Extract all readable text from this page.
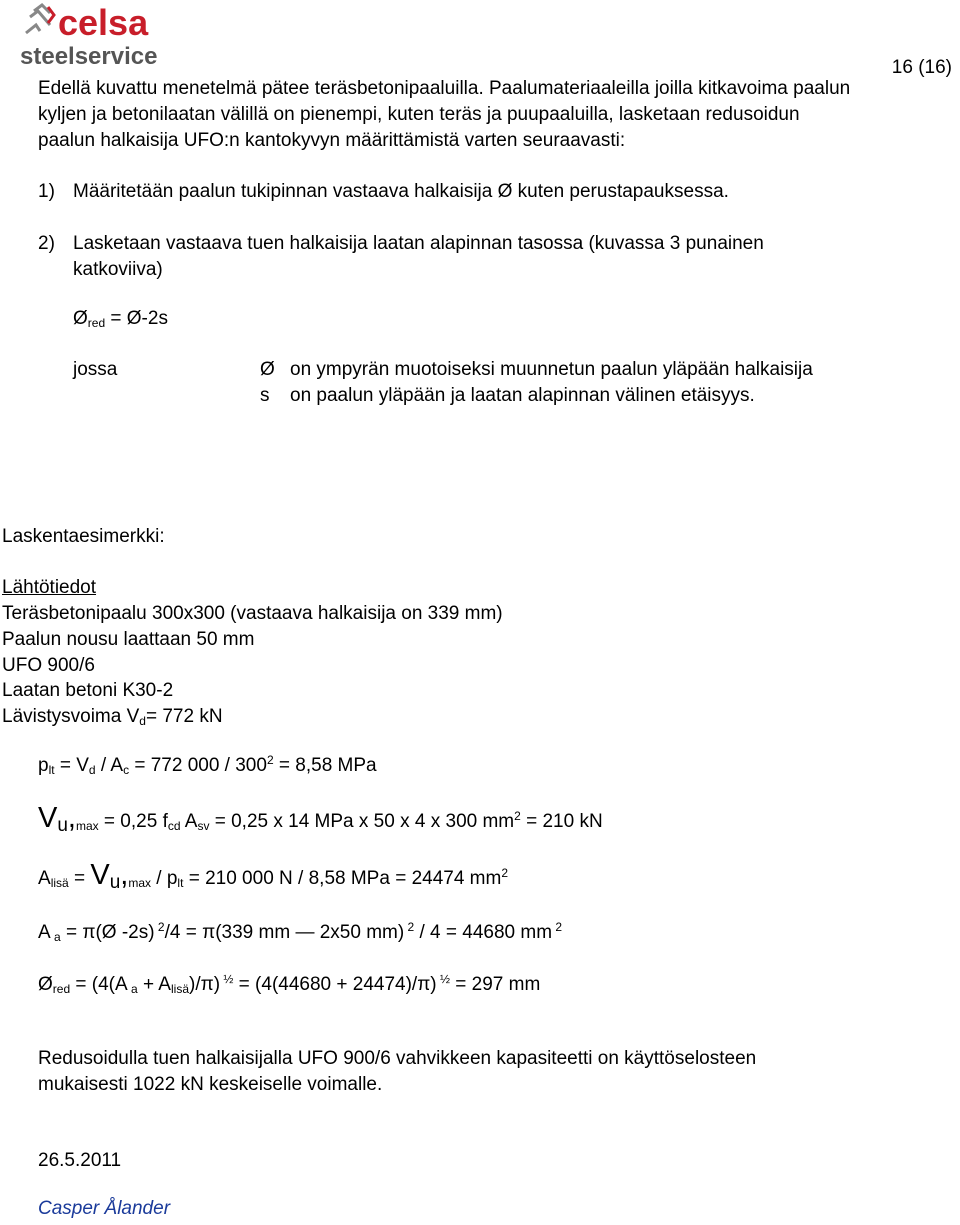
celsa
steelservice	16 (16)
Edellä kuvattu menetelmä pätee teräsbetonipaaluilla. Paalumateriaaleilla joilla kitkavoima paalun
kyljen ja betonilaatan välillä on pienempi, kuten teräs ja puupaaluilla, lasketaan redusoidun
paalun halkaisija UFO:n kantokyvyn määrittämistä varten seuraavasti:
1) Määritetään paalun tukipinnan vastaava halkaisija Ø kuten perustapauksessa.
2) Lasketaan vastaava tuen halkaisija laatan alapinnan tasossa (kuvassa 3 punainen
katkoviiva)
$Ø_{red}$ = Ø-2s
jossa	Ø on ympyrän muotoiseksi muunnetun paalun yläpään halkaisija
s on paalun yläpään ja laatan alapinnan välinen etäisyys.
Laskentaesimerkki:
Lähtötiedot
Teräsbetonipaalu 300x300 (vastaava halkaisija on 339 mm)
Paalun nousu laattaan 50 mm
UFO 900/6
Laatan betoni K30-2
Lävistysvoima $V_d= 772$ kN
$p_{lt} = V_d / A_c = 772$ $000 / 300^2 = 8,58$ MPa
$V_u,_{max} = 0,25$ $f_{cd}$ $A_{sv} = 0,25$ x 14 MPa x 50 x 4 x 300 $mm^2 = 210$ kN
$A_{lisä} = V_u,_{max} / p_{lt} = 210$ 000 N / 8,58 MPa = 24474 $mm^2$
A $_a$ = π(Ø -2s) $^2$/4 = π(339 mm — 2x50 mm) $^2$ / 4 = 44680 mm $^2$
$Ø_{red} = (4(A$ $_a + A_{lisä})/\pi$) $^{\frac{1}{2}}$ = (4(44680 + 24474)/π) $^{\frac{1}{2}}$ = 297 mm
Redusoidulla tuen halkaisijalla UFO 900/6 vahvikkeen kapasiteetti on käyttöselosteen
mukaisesti 1022 kN keskeiselle voimalle.
26.5.2011
Casper Ålander
